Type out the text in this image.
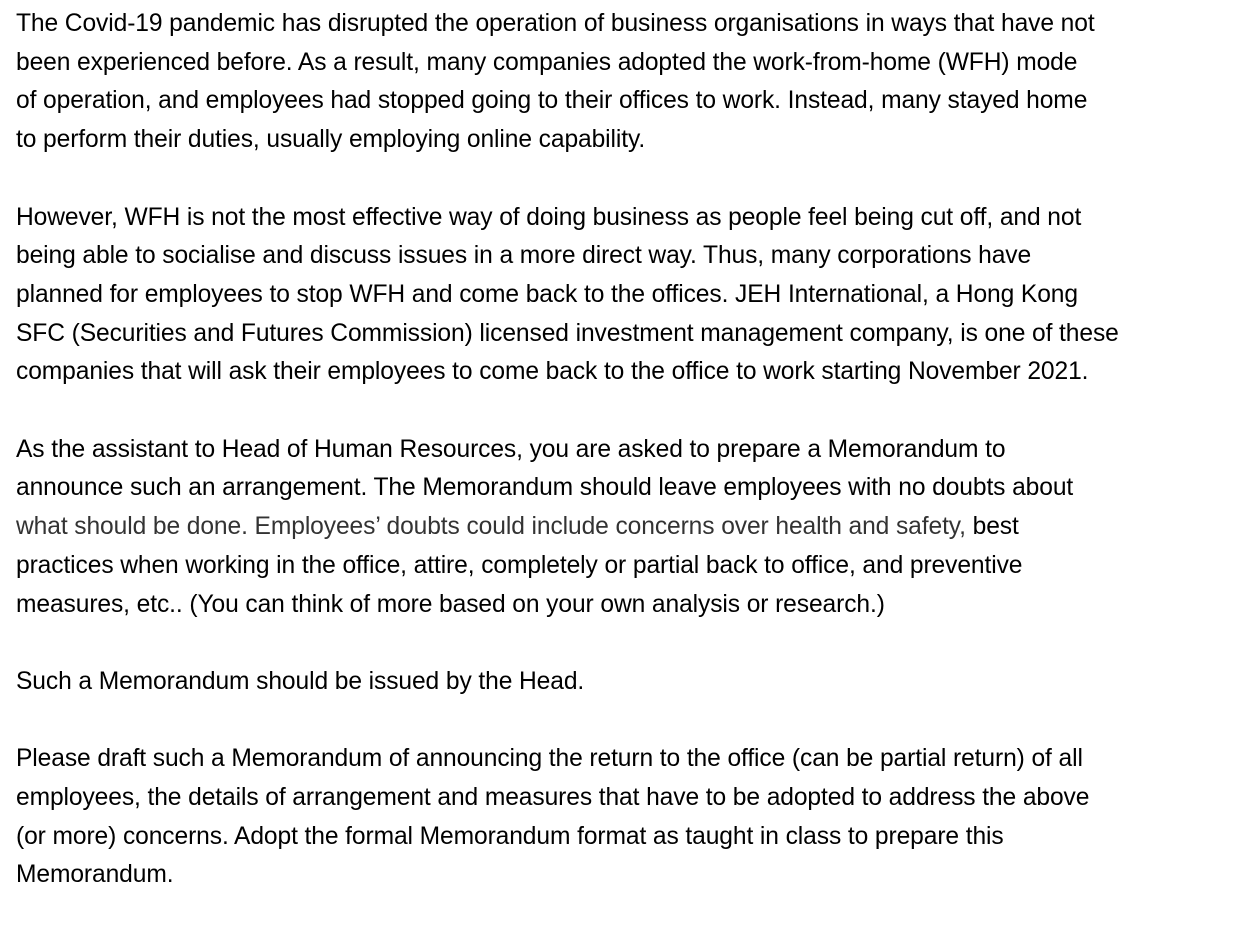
The Covid-19 pandemic has disrupted the operation of business organisations in ways that have not
been experienced before. As a result, many companies adopted the work-from-home (WFH) mode
of operation, and employees had stopped going to their offices to work. Instead, many stayed home
to perform their duties, usually employing online capability.

However, WFH is not the most effective way of doing business as people feel being cut off, and not
being able to socialise and discuss issues in a more direct way. Thus, many corporations have
planned for employees to stop WFH and come back to the offices. JEH International, a Hong Kong
SFC (Securities and Futures Commission) licensed investment management company, is one of these
companies that will ask their employees to come back to the office to work starting November 2021.

As the assistant to Head of Human Resources, you are asked to prepare a Memorandum to
announce such an arrangement. The Memorandum should leave employees with no doubts about
what should be done. Employees’ doubts could include concerns over health and safety, best
practices when working in the office, attire, completely or partial back to office, and preventive
measures, etc.. (You can think of more based on your own analysis or research.)

Such a Memorandum should be issued by the Head.

Please draft such a Memorandum of announcing the return to the office (can be partial return) of all
employees, the details of arrangement and measures that have to be adopted to address the above
(or more) concerns. Adopt the formal Memorandum format as taught in class to prepare this
Memorandum.
